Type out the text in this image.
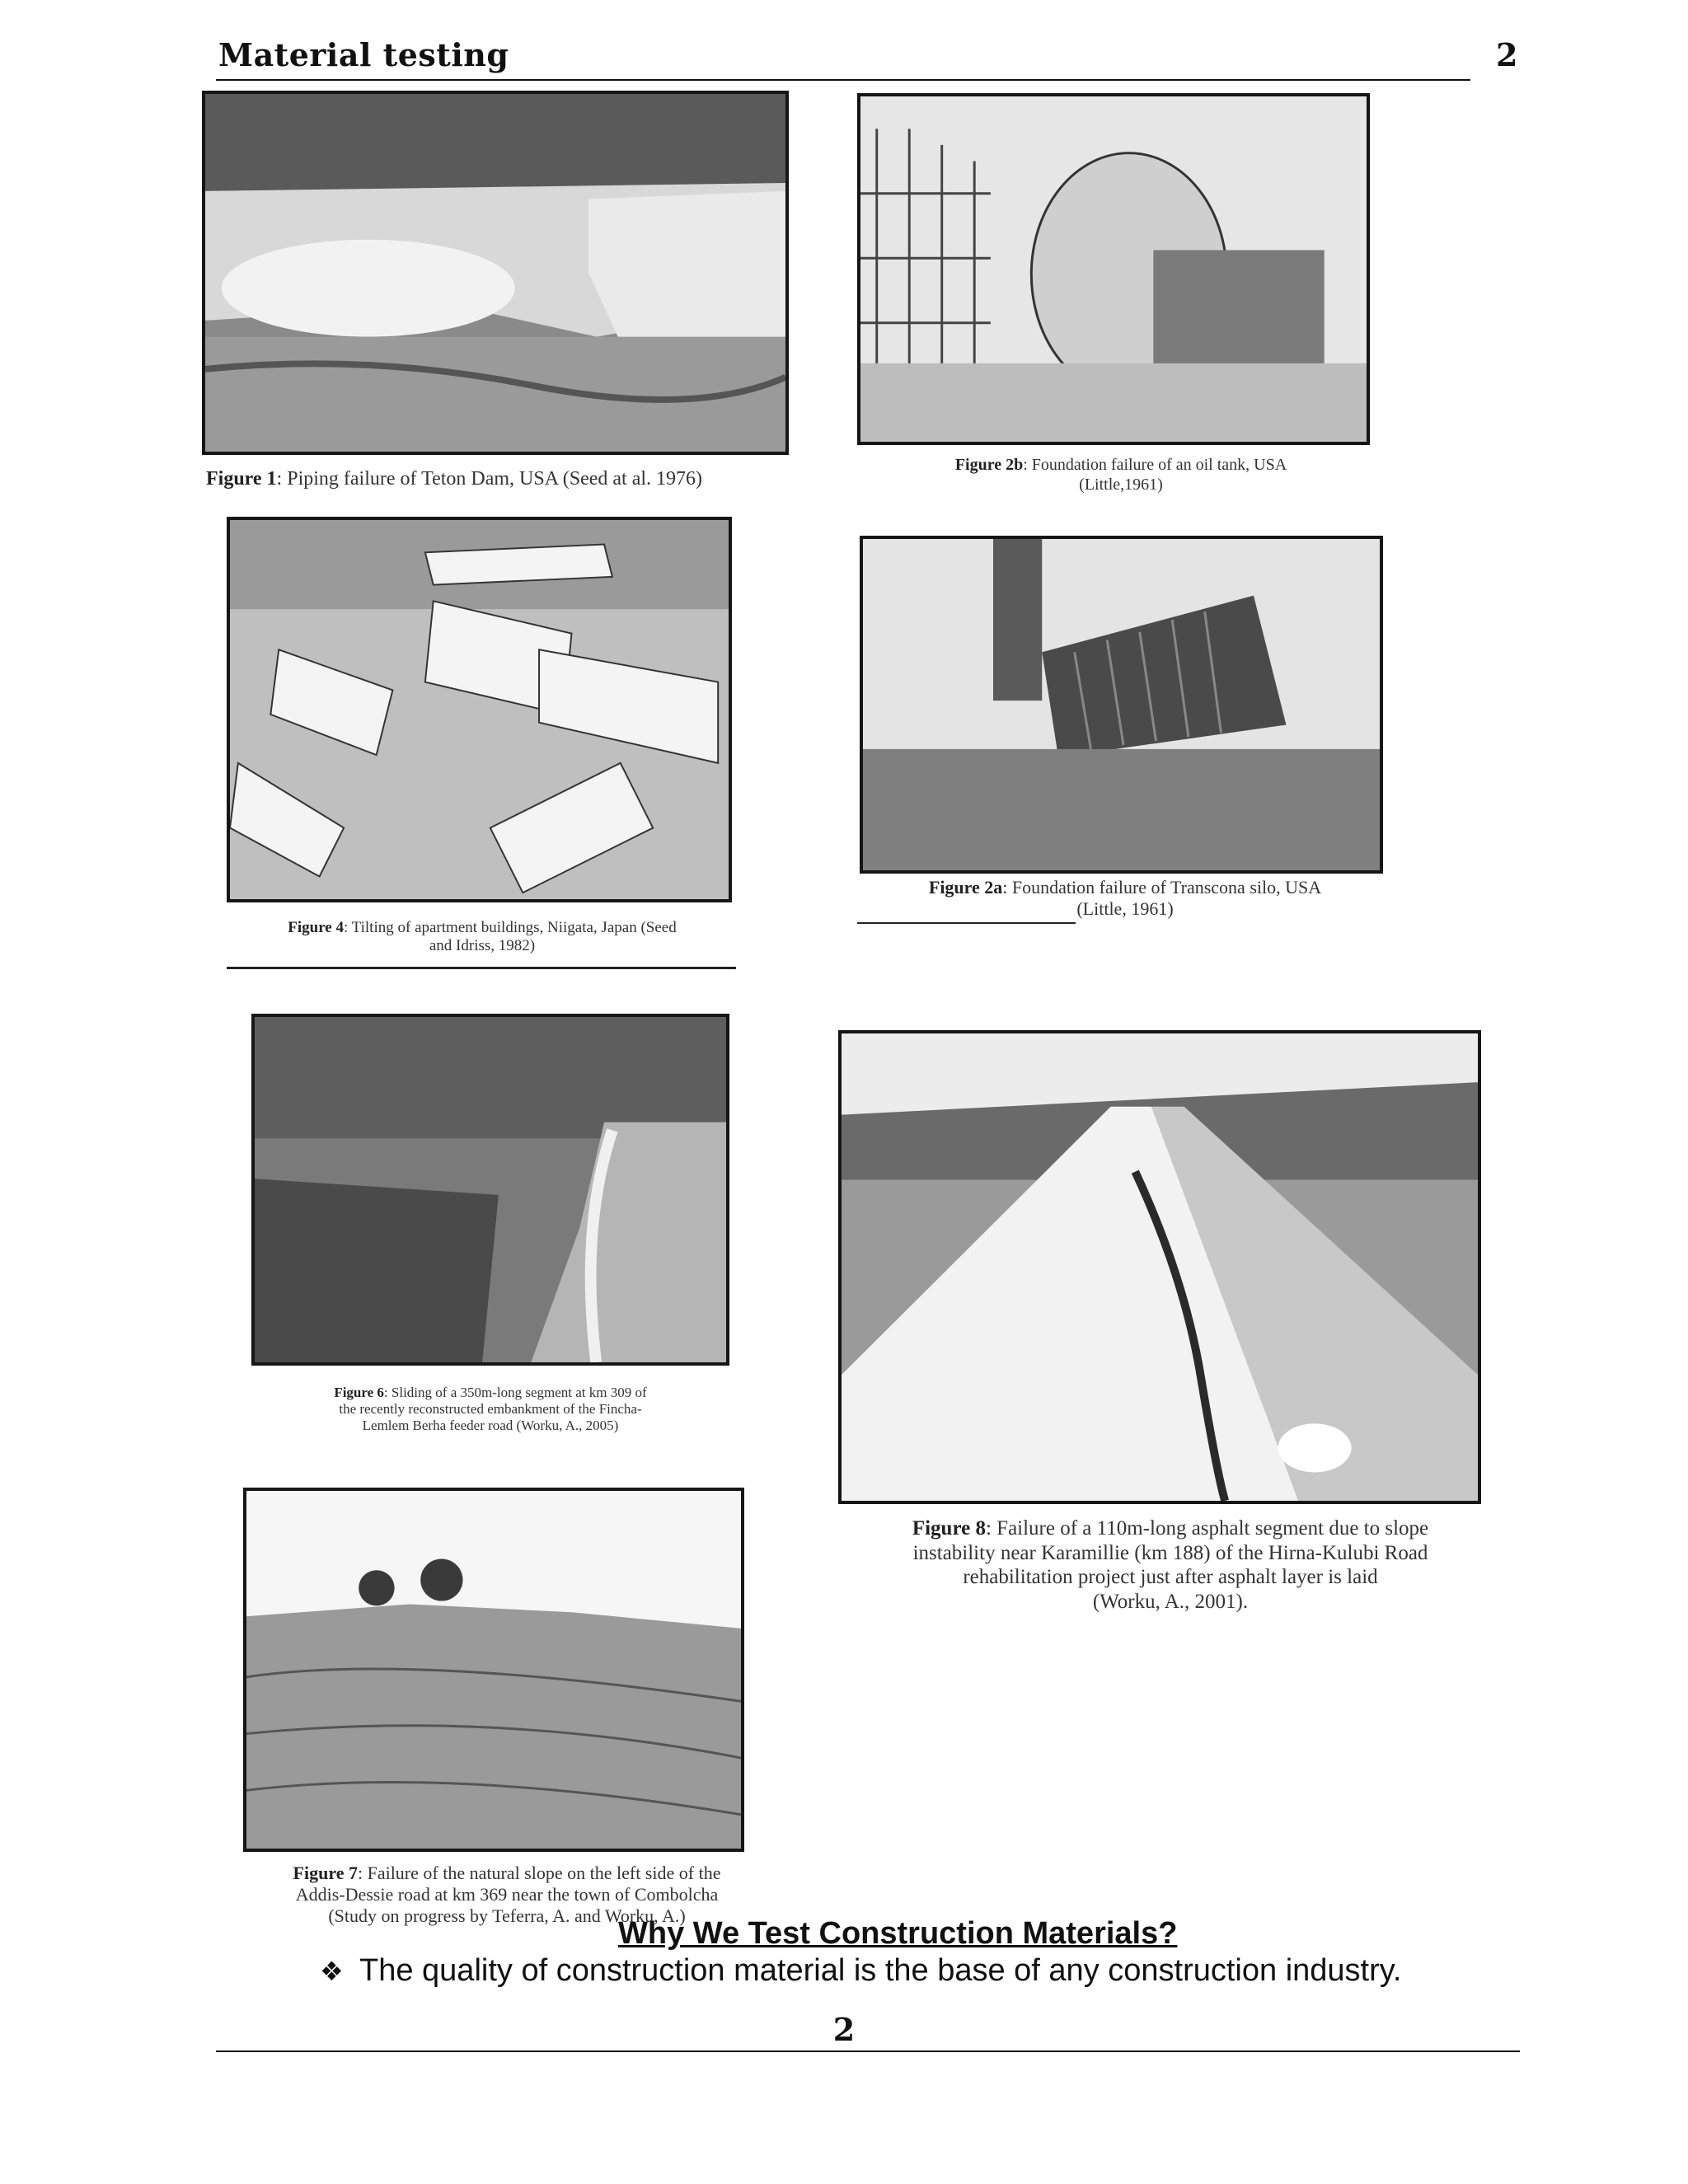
Material testing	2
Figure 1: Piping failure of Teton Dam, USA (Seed at al. 1976)
Figure 2b: Foundation failure of an oil tank, USA
(Little,1961)
Figure 4: Tilting of apartment buildings, Niigata, Japan (Seed
and Idriss, 1982)
Figure 2a: Foundation failure of Transcona silo, USA
(Little, 1961)
Figure 6: Sliding of a 350m-long segment at km 309 of
the recently reconstructed embankment of the Fincha-
Lemlem Berha feeder road (Worku, A., 2005)
Figure 8: Failure of a 110m-long asphalt segment due to slope
instability near Karamillie (km 188) of the Hirna-Kulubi Road
rehabilitation project just after asphalt layer is laid
(Worku, A., 2001).
Figure 7: Failure of the natural slope on the left side of the
Addis-Dessie road at km 369 near the town of Combolcha
(Study on progress by Teferra, A. and Worku, A.)
Why We Test Construction Materials?
❖ The quality of construction material is the base of any construction industry.
2
